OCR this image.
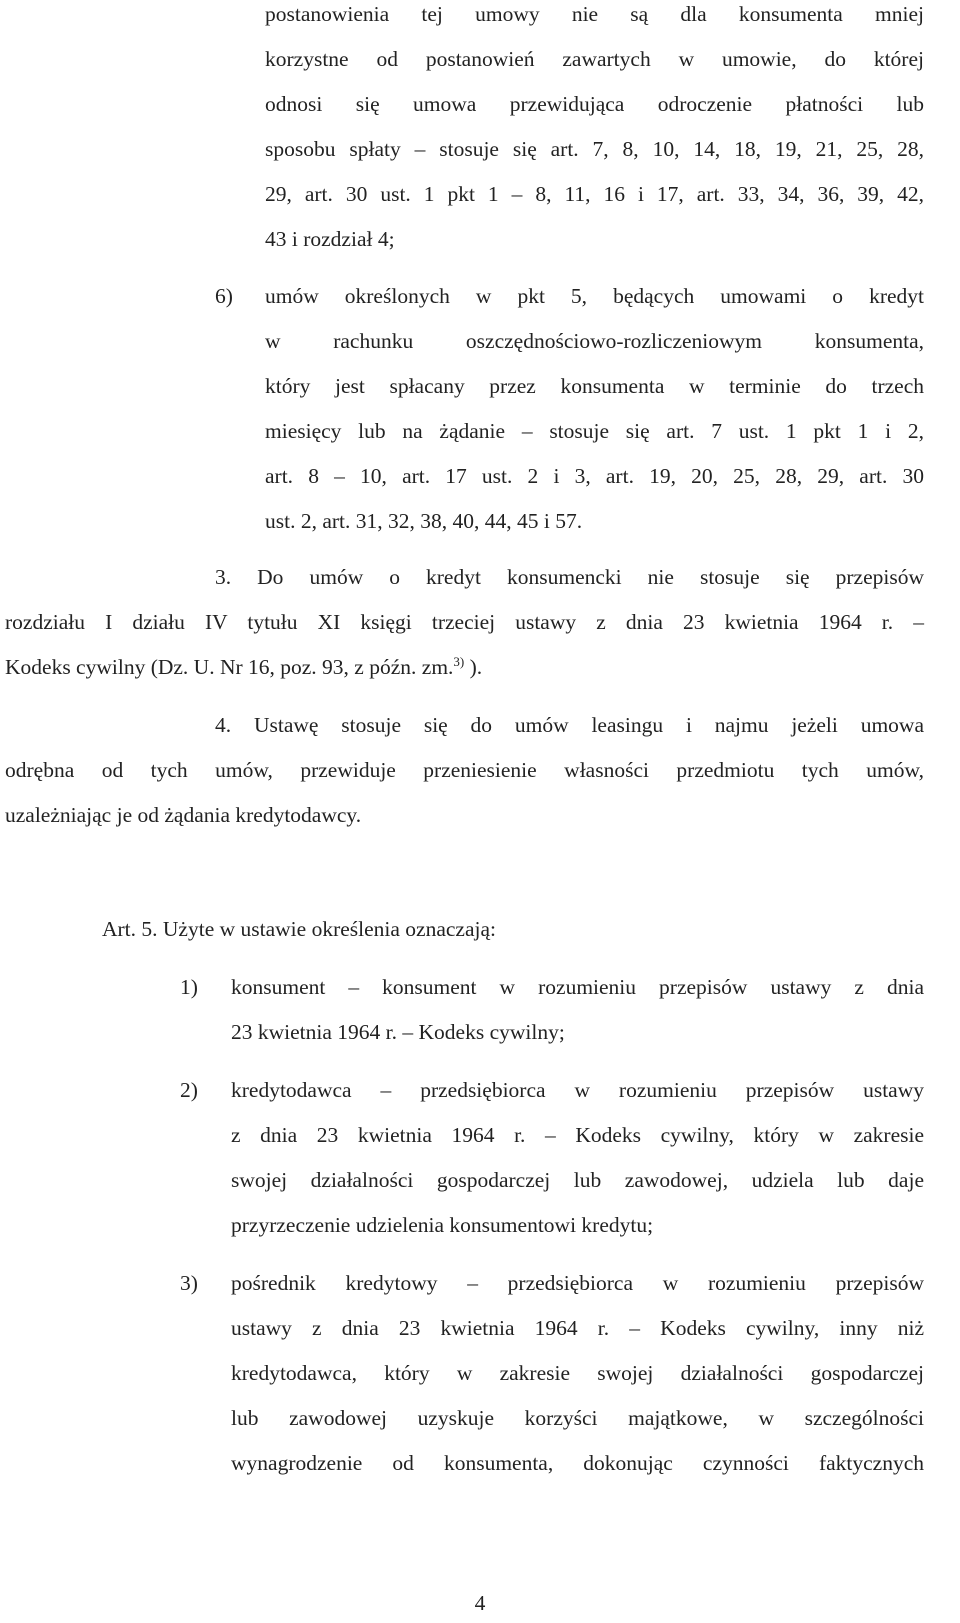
postanowienia tej umowy nie są dla konsumenta mniej
korzystne od postanowień zawartych w umowie, do której
odnosi się umowa przewidująca odroczenie płatności lub
sposobu spłaty – stosuje się art. 7, 8, 10, 14, 18, 19, 21, 25, 28,
29, art. 30 ust. 1 pkt 1 – 8, 11, 16 i 17, art. 33, 34, 36, 39, 42,
43 i rozdział 4;
6) umów określonych w pkt 5, będących umowami o kredyt
w rachunku oszczędnościowo-rozliczeniowym konsumenta,
który jest spłacany przez konsumenta w terminie do trzech
miesięcy lub na żądanie – stosuje się art. 7 ust. 1 pkt 1 i 2,
art. 8 – 10, art. 17 ust. 2 i 3, art. 19, 20, 25, 28, 29, art. 30
ust. 2, art. 31, 32, 38, 40, 44, 45 i 57.
3. Do umów o kredyt konsumencki nie stosuje się przepisów
rozdziału I działu IV tytułu XI księgi trzeciej ustawy z dnia 23 kwietnia 1964 r. –
Kodeks cywilny (Dz. U. Nr 16, poz. 93, z późn. zm.$^{3)}$ ).
4. Ustawę stosuje się do umów leasingu i najmu jeżeli umowa
odrębna od tych umów, przewiduje przeniesienie własności przedmiotu tych umów,
uzależniając je od żądania kredytodawcy.
Art. 5. Użyte w ustawie określenia oznaczają:
1) konsument – konsument w rozumieniu przepisów ustawy z dnia
23 kwietnia 1964 r. – Kodeks cywilny;
2) kredytodawca – przedsiębiorca w rozumieniu przepisów ustawy
z dnia 23 kwietnia 1964 r. – Kodeks cywilny, który w zakresie
swojej działalności gospodarczej lub zawodowej, udziela lub daje
przyrzeczenie udzielenia konsumentowi kredytu;
3) pośrednik kredytowy – przedsiębiorca w rozumieniu przepisów
ustawy z dnia 23 kwietnia 1964 r. – Kodeks cywilny, inny niż
kredytodawca, który w zakresie swojej działalności gospodarczej
lub zawodowej uzyskuje korzyści majątkowe, w szczególności
wynagrodzenie od konsumenta, dokonując czynności faktycznych
4
